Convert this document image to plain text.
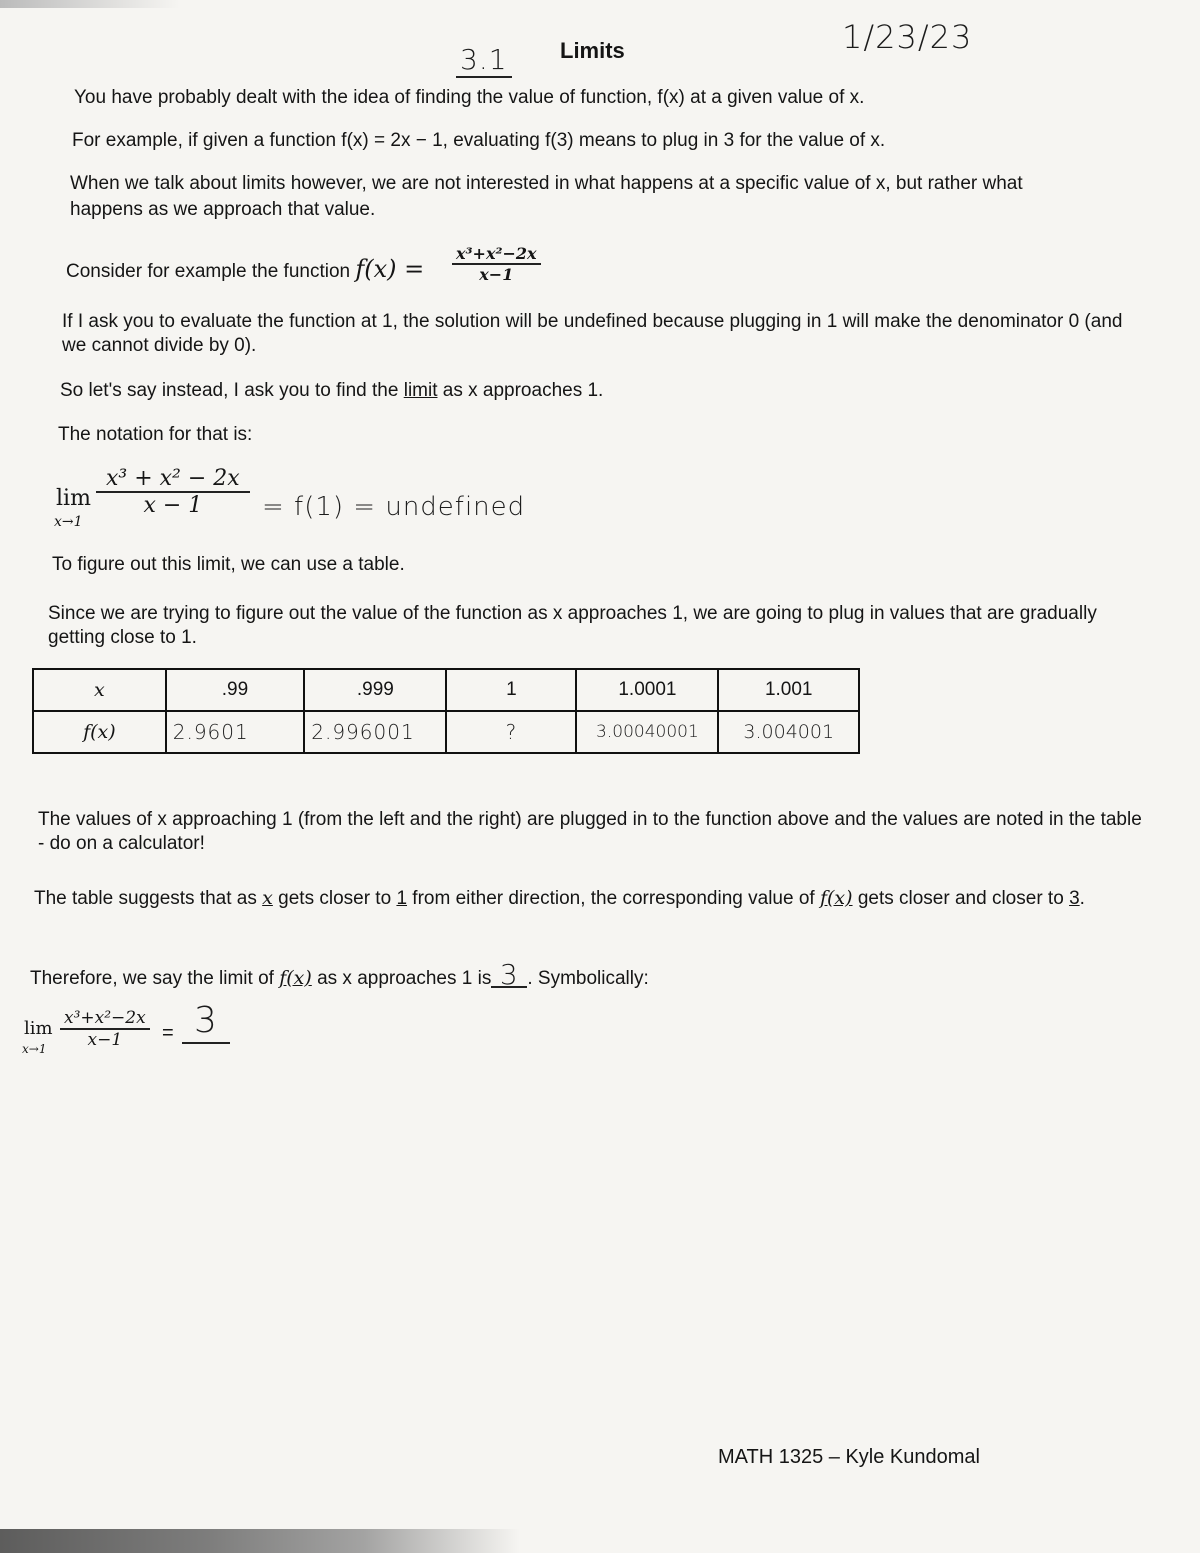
3.1 Limits	1/23/23
You have probably dealt with the idea of finding the value of function, f(x) at a given value of x.
For example, if given a function f(x) = 2x − 1, evaluating f(3) means to plug in 3 for the value of x.
When we talk about limits however, we are not interested in what happens at a specific value of x, but rather what happens as we approach that value.
Consider for example the function $f(x) = \frac{\text{x³+x²−2x}}{x-1}$
If I ask you to evaluate the function at 1, the solution will be undefined because plugging in 1 will make the denominator 0 (and we cannot divide by 0).
So let's say instead, I ask you to find the limit as x approaches 1.
The notation for that is:
lim
x→1
$\frac{\text{x³ + x² − 2x}}{x - 1} = f(1)$ = undefined
To figure out this limit, we can use a table.
Since we are trying to figure out the value of the function as x approaches 1, we are going to plug in values that are gradually getting close to 1.
x	.99	.999	1	1.0001	1.001
f(x)	2.9601	2.996001	?	3.00040001	3.004001
The values of x approaching 1 (from the left and the right) are plugged in to the function above and the values are noted in the table - do on a calculator!
The table suggests that as x gets closer to 1 from either direction, the corresponding value of f(x) gets closer and closer to 3.
Therefore, we say the limit of f(x) as x approaches 1 is 3 . Symbolically:
lim
$x\to 1 \frac{\text{x³+x²−2x}}{x-1} = 3$

MATH 1325 – Kyle Kundomal
